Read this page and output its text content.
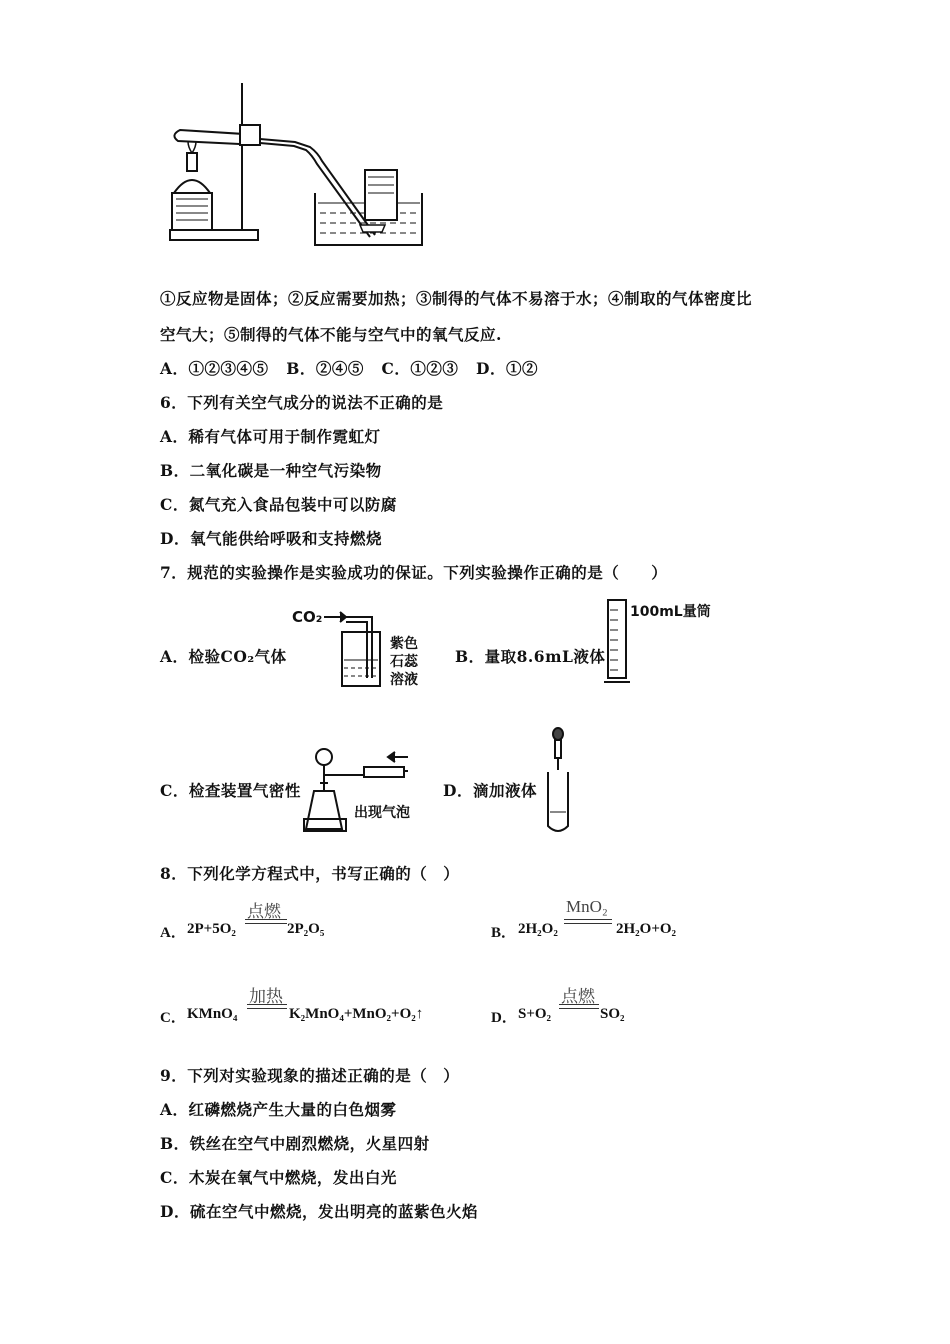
①反应物是固体；②反应需要加热；③制得的气体不易溶于水；④制取的气体密度比
空气大；⑤制得的气体不能与空气中的氧气反应.
A．①②③④⑤   B．②④⑤   C．①②③   D．①②
6．下列有关空气成分的说法不正确的是
A．稀有气体可用于制作霓虹灯
B．二氧化碳是一种空气污染物
C．氮气充入食品包装中可以防腐
D．氧气能供给呼吸和支持燃烧
7．规范的实验操作是实验成功的保证。下列实验操作正确的是（　　）
A．检验CO₂气体
CO₂
紫色
石蕊
溶液
B．量取8.6mL液体
100mL量筒
C．检查装置气密性
出现气泡
D．滴加液体
8．下列化学方程式中，书写正确的（　）
A． 2P+5O₂
点燃
2P₂O₅	B． 2H₂O₂
MnO₂
2H₂O+O₂
C． KMnO₄
加热
K₂MnO₄+MnO₂+O₂↑	D． S+O₂
点燃
SO₂
9．下列对实验现象的描述正确的是（　）
A．红磷燃烧产生大量的白色烟雾
B．铁丝在空气中剧烈燃烧，火星四射
C．木炭在氧气中燃烧，发出白光
D．硫在空气中燃烧，发出明亮的蓝紫色火焰
